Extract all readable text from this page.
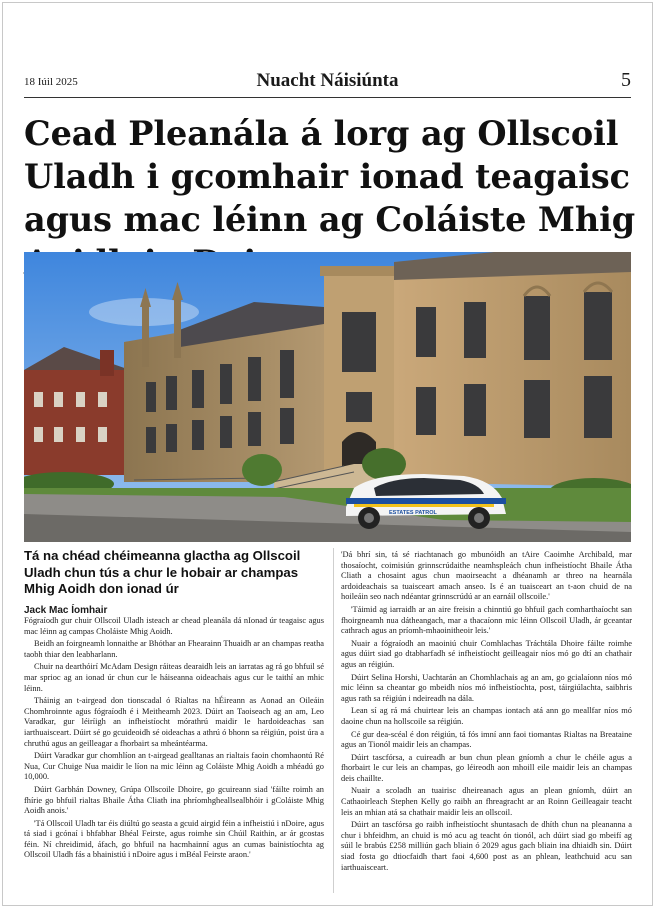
18 Iúil 2025	Nuacht Náisiúnta	5
Cead Pleanála á lorg ag Ollscoil Uladh i gcomhair ionad teagaisc agus mac léinn ag Coláiste Mhig
ESTATES PATROL
Tá na chéad chéimeanna glactha ag Ollscoil Uladh chun tús a chur le hobair ar champas Mhig Aoidh don ionad úr
Jack Mac Íomhair

Fógraíodh gur chuir Ollscoil Uladh isteach ar chead pleanála dá nIonad úr teagaisc agus mac léinn ag campas Choláiste Mhig Aoidh.

Beidh an foirgneamh lonnaithe ar Bhóthar an Fhearainn Thuaidh ar an champas reatha taobh thiar den leabharlann.

Chuir na dearthóirí McAdam Design ráiteas dearaidh leis an iarratas ag rá go bhfuil sé mar sprioc ag an ionad úr chun cur le háiseanna oideachais agus cur le taithí an mhic léinn.

Tháinig an t-airgead don tionscadal ó Rialtas na hÉireann as Aonad an Oileáin Chomhroinnte agus fógraíodh é i Meitheamh 2023. Dúirt an Taoiseach ag an am, Leo Varadkar, gur léiríigh an infheistíocht mórathrú maidir le hardoideachas san iarthuaisceart. Dúirt sé go gcuideoidh sé oideachas a athrú ó bhonn sa réigiún, poist úra a chruthú agus an geilleagar a fhorbairt sa mheántéarma.

Dúirt Varadkar gur chomhlíon an t-airgead gealltanas an rialtais faoin chomhaontú Ré Nua, Cur Chuige Nua maidir le líon na mic léinn ag Coláiste Mhig Aoidh a mhéadú go 10,000.

Dúirt Garbhán Downey, Grúpa Ollscoile Dhoire, go gcuireann siad 'fáilte roimh an fhírie go bhfuil rialtas Bhaile Átha Cliath ina phríomhgheallsealbhóir i gColáiste Mhig Aoidh anois.'

'Tá Ollscoil Uladh tar éis diúltú go seasta a gcuid airgid féin a infheistiú i nDoire, agus tá siad i gcónaí i bhfabhar Bhéal Feirste, agus roimhe sin Chúil Raithin, ar ár gcostas féin. Ní chreidimid, áfach, go bhfuil na hacmhainní agus an cumas bainistíochta ag Ollscoil Uladh fás a bhainistiú i nDoire agus i mBéal Feirste araon.'

'Dá bhrí sin, tá sé riachtanach go mbunóidh an tAire Caoimhe Archibald, mar thosaíocht, coimisiún grinnscrúdaithe neamhspleách chun infheistíocht Bhaile Átha Cliath a chosaint agus chun maoirseacht a dhéanamh ar threo na hearnála ardoideachais sa tuaisceart amach anseo. Is é an tuaisceart an t-aon chuid de na hoileáin seo nach ndéantar grinnscrúdú ar an earnáil ollscoile.'

'Táimid ag iarraidh ar an aire freisin a chinntiú go bhfuil gach comharthaíocht san fhoirgneamh nua dátheangach, mar a thacaíonn mic léinn Ollscoil Uladh, ár gceantar cathrach agus an príomh-mhaoinitheoir leis.'

Nuair a fógraíodh an maoiniú chuir Comhlachas Tráchtála Dhoire fáilte roimhe agus dúirt siad go dtabharfadh sé infheistíocht geilleagair níos mó go dtí an chathair agus an réigiún.

Dúirt Selina Horshi, Uachtarán an Chomhlachais ag an am, go gcialaíonn níos mó mic léinn sa cheantar go mbeidh níos mó infheistíochta, post, táirgiúlachta, saibhris agus rath sa réigiún i ndeireadh na dála.

Lean sí ag rá má chuirtear leis an champas iontach atá ann go meallfar níos mó daoine chun na hollscoile sa réigiún.

Cé gur dea-scéal é don réigiún, tá fós imní ann faoi tiomantas Rialtas na Breataine agus an Tionól maidir leis an champas.

Dúirt tascfórsa, a cuireadh ar bun chun plean gníomh a chur le chéile agus a fhorbairt le cur leis an champas, go léireodh aon mhoill eile maidir leis an champas deis chaillte.

Nuair a scoladh an tuairisc dheireanach agus an plean gníomh, dúirt an Cathaoirleach Stephen Kelly go raibh an fhreagracht ar an Roinn Geilleagair teacht leis an mhian atá sa chathair maidir leis an ollscoil.

Dúirt an tascfórsa go raibh infheistíocht shuntasach de dhíth chun na pleananna a chur i bhfeidhm, an chuid is mó acu ag teacht ón tionól, ach dúirt siad go mbeifí ag súil le brabús £258 milliún gach bliain ó 2029 agus gach bliain ina dhiaidh sin. Dúirt siad fosta go dtiocfaidh thart faoi 4,600 post as an phlean, leathchuid acu san iarthuaisceart.
